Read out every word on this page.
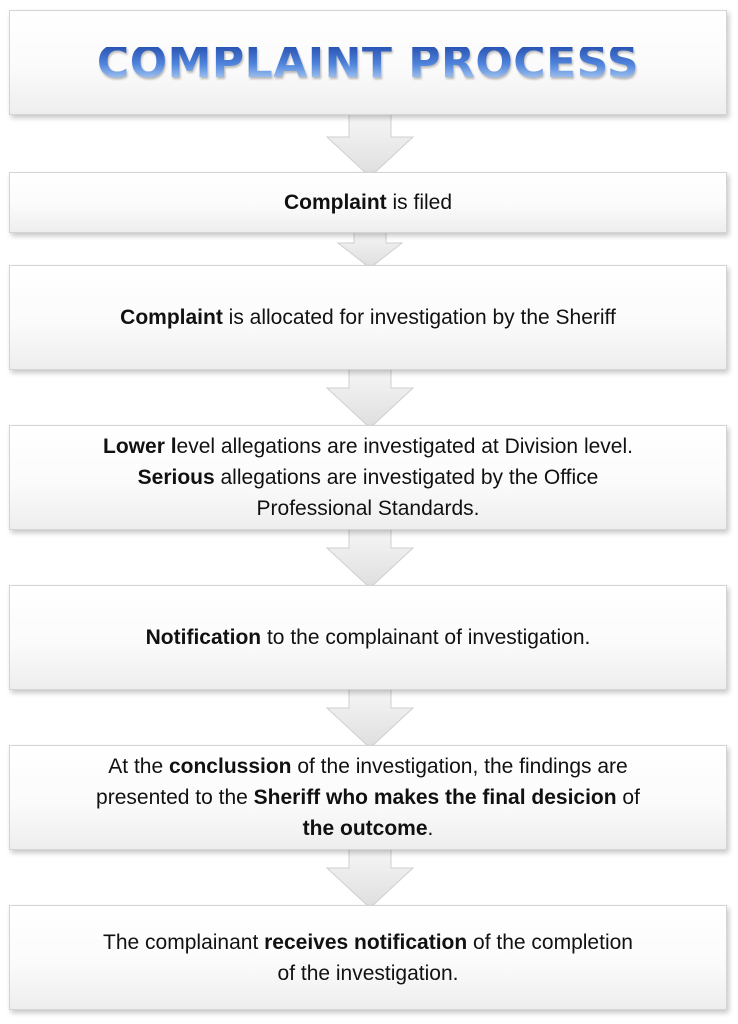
COMPLAINT PROCESS
Complaint is filed
Complaint is allocated for investigation by the Sheriff
Lower level allegations are investigated at Division level.
Serious allegations are investigated by the Office
Professional Standards.
Notification to the complainant of investigation.
At the conclussion of the investigation, the findings are
presented to the Sheriff who makes the final desicion of
the outcome.
The complainant receives notification of the completion
of the investigation.
